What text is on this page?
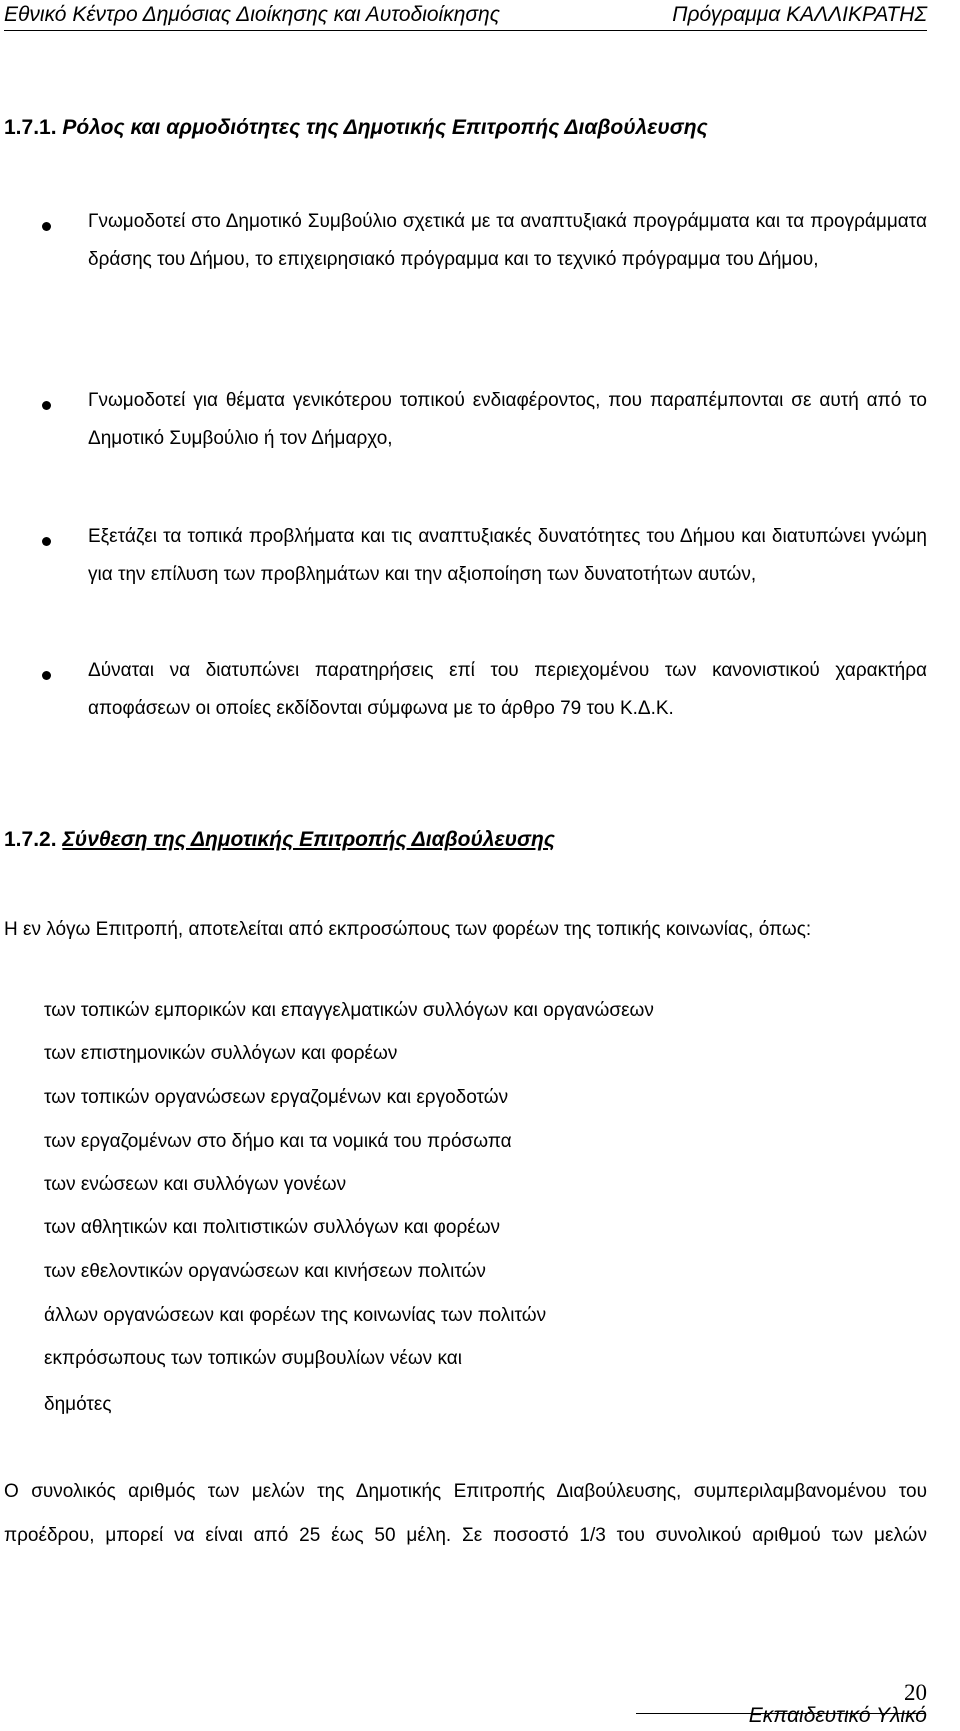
Εθνικό Κέντρο Δημόσιας Διοίκησης και Αυτοδιοίκησης	Πρόγραμμα ΚΑΛΛΙΚΡΑΤΗΣ
1.7.1. Ρόλος και αρμοδιότητες της Δημοτικής Επιτροπής Διαβούλευσης
Γνωμοδοτεί στο Δημοτικό Συμβούλιο σχετικά με τα αναπτυξιακά προγράμματα και τα προγράμματα δράσης του Δήμου, το επιχειρησιακό πρόγραμμα και το τεχνικό πρόγραμμα του Δήμου,
Γνωμοδοτεί για θέματα γενικότερου τοπικού ενδιαφέροντος, που παραπέμπονται σε αυτή από το Δημοτικό Συμβούλιο ή τον Δήμαρχο,
Εξετάζει τα τοπικά προβλήματα και τις αναπτυξιακές δυνατότητες του Δήμου και διατυπώνει γνώμη για την επίλυση των προβλημάτων και την αξιοποίηση των δυνατοτήτων αυτών,
Δύναται να διατυπώνει παρατηρήσεις επί του περιεχομένου των κανονιστικού χαρακτήρα αποφάσεων οι οποίες εκδίδονται σύμφωνα με το άρθρο 79 του Κ.Δ.Κ.
1.7.2. Σύνθεση της Δημοτικής Επιτροπής Διαβούλευσης
Η εν λόγω Επιτροπή, αποτελείται από εκπροσώπους των φορέων της τοπικής κοινωνίας, όπως:
των τοπικών εμπορικών και επαγγελματικών συλλόγων και οργανώσεων
των επιστημονικών συλλόγων και φορέων
των τοπικών οργανώσεων εργαζομένων και εργοδοτών
των εργαζομένων στο δήμο και τα νομικά του πρόσωπα
των ενώσεων και συλλόγων γονέων
των αθλητικών και πολιτιστικών συλλόγων και φορέων
των εθελοντικών οργανώσεων και κινήσεων πολιτών
άλλων οργανώσεων και φορέων της κοινωνίας των πολιτών
εκπρόσωπους των τοπικών συμβουλίων νέων και
δημότες
Ο συνολικός αριθμός των μελών της Δημοτικής Επιτροπής Διαβούλευσης, συμπεριλαμβανομένου του
προέδρου, μπορεί να είναι από 25 έως 50 μέλη. Σε ποσοστό 1/3 του συνολικού αριθμού των μελών
20
Εκπαιδευτικό Υλικό
